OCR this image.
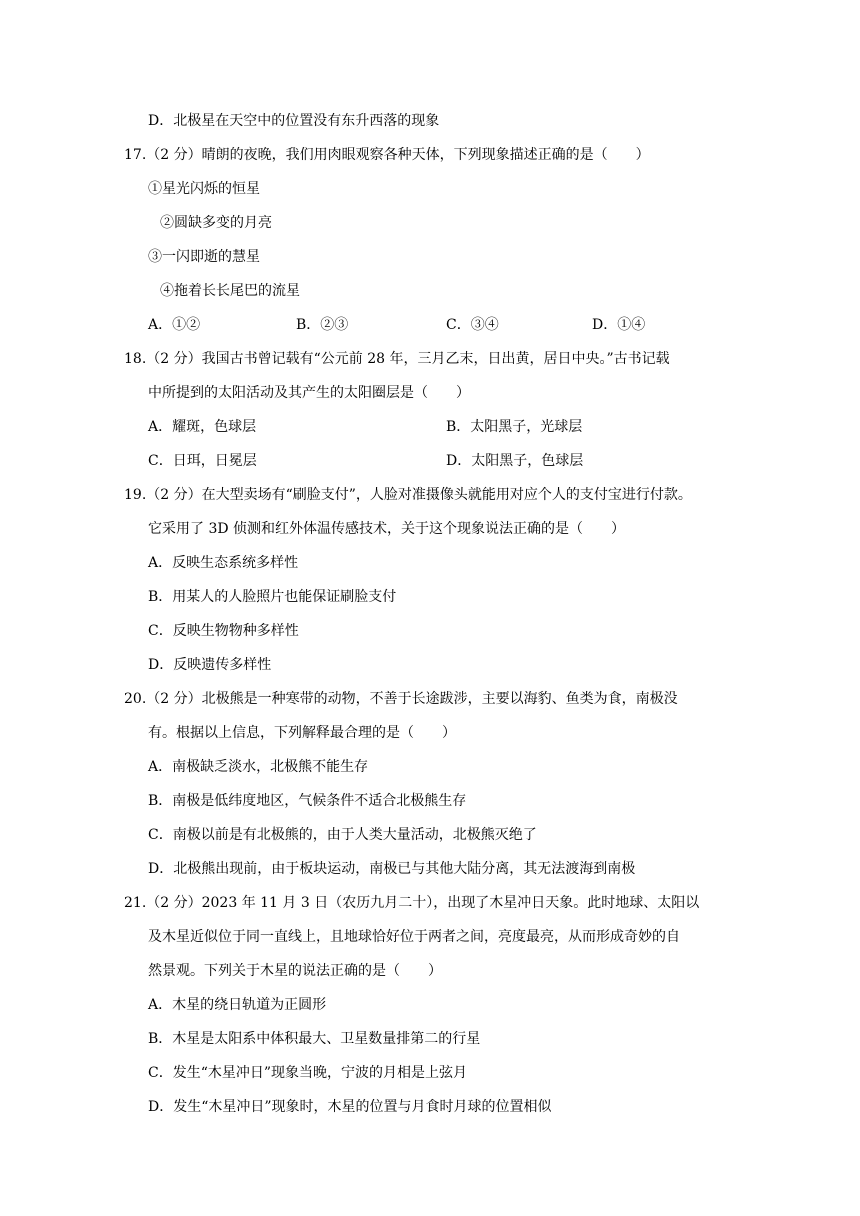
D．北极星在天空中的位置没有东升西落的现象
17.（2 分）晴朗的夜晚，我们用肉眼观察各种天体，下列现象描述正确的是（　　）
①星光闪烁的恒星
②圆缺多变的月亮
③一闪即逝的慧星
④拖着长长尾巴的流星
A．①②	B．②③	C．③④	D．①④
18.（2 分）我国古书曾记载有“公元前 28 年，三月乙末，日出黄，居日中央。”古书记载
中所提到的太阳活动及其产生的太阳圈层是（　　）
A．耀斑，色球层	B．太阳黑子，光球层
C．日珥，日冕层	D．太阳黑子，色球层
19.（2 分）在大型卖场有“刷脸支付”，人脸对准摄像头就能用对应个人的支付宝进行付款。
它采用了 3D 侦测和红外体温传感技术，关于这个现象说法正确的是（　　）
A．反映生态系统多样性
B．用某人的人脸照片也能保证刷脸支付
C．反映生物物种多样性
D．反映遗传多样性
20.（2 分）北极熊是一种寒带的动物，不善于长途跋涉，主要以海豹、鱼类为食，南极没
有。根据以上信息，下列解释最合理的是（　　）
A．南极缺乏淡水，北极熊不能生存
B．南极是低纬度地区，气候条件不适合北极熊生存
C．南极以前是有北极熊的，由于人类大量活动，北极熊灭绝了
D．北极熊出现前，由于板块运动，南极已与其他大陆分离，其无法渡海到南极
21.（2 分）2023 年 11 月 3 日（农历九月二十），出现了木星冲日天象。此时地球、太阳以
及木星近似位于同一直线上，且地球恰好位于两者之间，亮度最亮，从而形成奇妙的自
然景观。下列关于木星的说法正确的是（　　）
A．木星的绕日轨道为正圆形
B．木星是太阳系中体积最大、卫星数量排第二的行星
C．发生“木星冲日”现象当晚，宁波的月相是上弦月
D．发生“木星冲日”现象时，木星的位置与月食时月球的位置相似
